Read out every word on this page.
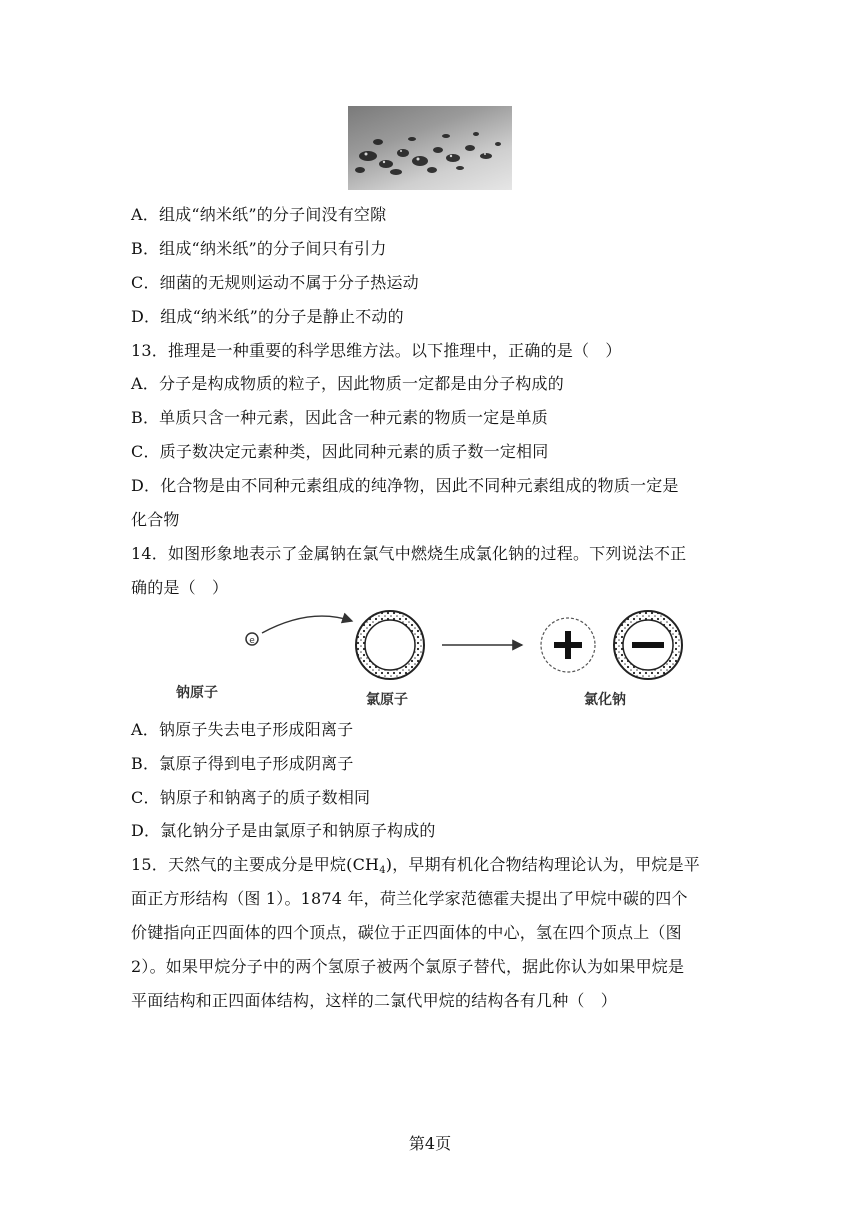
A．组成“纳米纸”的分子间没有空隙
B．组成“纳米纸”的分子间只有引力
C．细菌的无规则运动不属于分子热运动
D．组成“纳米纸”的分子是静止不动的
13．推理是一种重要的科学思维方法。以下推理中，正确的是（　）
A．分子是构成物质的粒子，因此物质一定都是由分子构成的
B．单质只含一种元素，因此含一种元素的物质一定是单质
C．质子数决定元素种类，因此同种元素的质子数一定相同
D．化合物是由不同种元素组成的纯净物，因此不同种元素组成的物质一定是
化合物
14．如图形象地表示了金属钠在氯气中燃烧生成氯化钠的过程。下列说法不正
确的是（　）
e
钠原子	氯原子	氯化钠
A．钠原子失去电子形成阳离子
B．氯原子得到电子形成阴离子
C．钠原子和钠离子的质子数相同
D．氯化钠分子是由氯原子和钠原子构成的
15．天然气的主要成分是甲烷$(CH_4)$，早期有机化合物结构理论认为，甲烷是平
面正方形结构（图 1）。1874 年，荷兰化学家范德霍夫提出了甲烷中碳的四个
价键指向正四面体的四个顶点，碳位于正四面体的中心，氢在四个顶点上（图
2）。如果甲烷分子中的两个氢原子被两个氯原子替代，据此你认为如果甲烷是
平面结构和正四面体结构，这样的二氯代甲烷的结构各有几种（　）
第4页
